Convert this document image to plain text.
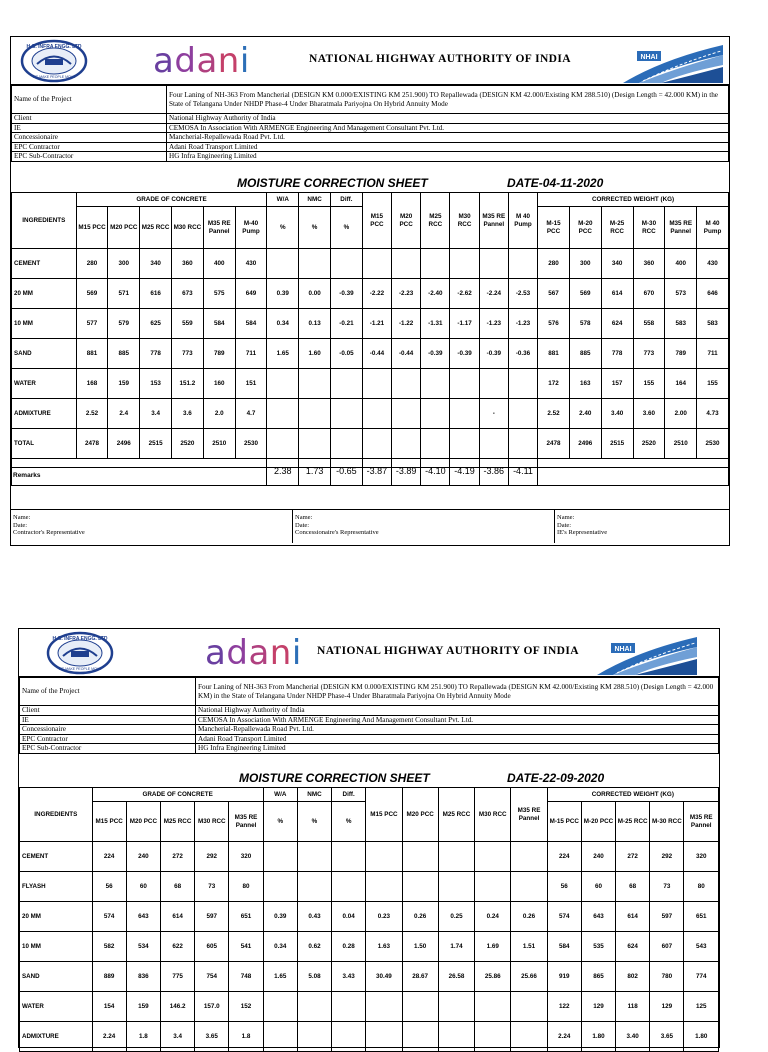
H.G. INFRA ENGG. LTD
WE MAKE PEOPLE MOVE adani	NATIONAL HIGHWAY AUTHORITY OF INDIA	NHAI
Name of the Project	Four Laning of NH-363 From Mancherial (DESIGN KM 0.000/EXISTING KM 251.900) TO Repallewada (DESIGN KM 42.000/Existing KM 288.510) (Design Length = 42.000 KM) in the State of Telangana Under NHDP Phase-4 Under Bharatmala Pariyojna On Hybrid Annuity Mode
Client	National Highway Authority of India
IE	CEMOSA In Association With ARMENGE Engineering And Management Consultant Pvt. Ltd.
Concessionaire	Mancherial-Repallewada Road Pvt. Ltd.
EPC Contractor	Adani Road Transport Limited
EPC Sub-Contractor	HG Infra Engineering Limited
MOISTURE CORRECTION SHEET	DATE-04-11-2020
INGREDIENTS	GRADE OF CONCRETE						W/A	NMC	Diff.	M15 PCC	M20 PCC	M25 RCC	M30 RCC	M35 RE Pannel	M 40 Pump	CORRECTED WEIGHT (KG)					
	M15 PCC	M20 PCC	M25 RCC	M30 RCC	M35 RE Pannel	M-40 Pump	%	%	%							M-15 PCC	M-20 PCC	M-25 RCC	M-30 RCC	M35 RE Pannel	M 40 Pump
CEMENT	280	300	340	360	400	430										280	300	340	360	400	430
20 MM	569	571	616	673	575	649	0.39	0.00	-0.39	-2.22	-2.23	-2.40	-2.62	-2.24	-2.53	567	569	614	670	573	646
10 MM	577	579	625	559	584	584	0.34	0.13	-0.21	-1.21	-1.22	-1.31	-1.17	-1.23	-1.23	576	578	624	558	583	583
SAND	881	885	778	773	789	711	1.65	1.60	-0.05	-0.44	-0.44	-0.39	-0.39	-0.39	-0.36	881	885	778	773	789	711
WATER	168	159	153	151.2	160	151										172	163	157	155	164	155
ADMIXTURE	2.52	2.4	3.4	3.6	2.0	4.7								-		2.52	2.40	3.40	3.60	2.00	4.73
TOTAL	2478	2496	2515	2520	2510	2530										2478	2496	2515	2520	2510	2530
							2.38	1.73	-0.65	-3.87	-3.89	-4.10	-4.19	-3.86	-4.11						
Remarks
Name:
Date:
Contractor's Representative
Name:
Date:
Concessionaire's Representative
Name:
Date:
IE's Representative
H.G. INFRA ENGG. LTD
WE MAKE PEOPLE MOVE	adani NATIONAL HIGHWAY AUTHORITY OF INDIA	NHAI
Name of the Project	Four Laning of NH-363 From Mancherial (DESIGN KM 0.000/EXISTING KM 251.900) TO Repallewada (DESIGN KM 42.000/Existing KM 288.510) (Design Length = 42.000 KM) in the State of Telangana Under NHDP Phase-4 Under Bharatmala Pariyojna On Hybrid Annuity Mode
Client	National Highway Authority of India
IE	CEMOSA In Association With ARMENGE Engineering And Management Consultant Pvt. Ltd.
Concessionaire	Mancherial-Repallewada Road Pvt. Ltd.
EPC Contractor	Adani Road Transport Limited
EPC Sub-Contractor	HG Infra Engineering Limited
MOISTURE CORRECTION SHEET	DATE-22-09-2020
INGREDIENTS	GRADE OF CONCRETE					W/A	NMC	Diff.	M15 PCC	M20 PCC	M25 RCC	M30 RCC	M35 RE Pannel	CORRECTED WEIGHT (KG)				
	M15 PCC	M20 PCC	M25 RCC	M30 RCC	M35 RE Pannel	%	%	%						M-15 PCC	M-20 PCC	M-25 RCC	M-30 RCC	M35 RE Pannel
CEMENT	224	240	272	292	320									224	240	272	292	320
FLYASH	56	60	68	73	80									56	60	68	73	80
20 MM	574	643	614	597	651	0.39	0.43	0.04	0.23	0.26	0.25	0.24	0.26	574	643	614	597	651
10 MM	582	534	622	605	541	0.34	0.62	0.28	1.63	1.50	1.74	1.69	1.51	584	535	624	607	543
SAND	889	836	775	754	748	1.65	5.08	3.43	30.49	28.67	26.58	25.86	25.66	919	865	802	780	774
WATER	154	159	146.2	157.0	152									122	129	118	129	125
ADMIXTURE	2.24	1.8	3.4	3.65	1.8									2.24	1.80	3.40	3.65	1.80
